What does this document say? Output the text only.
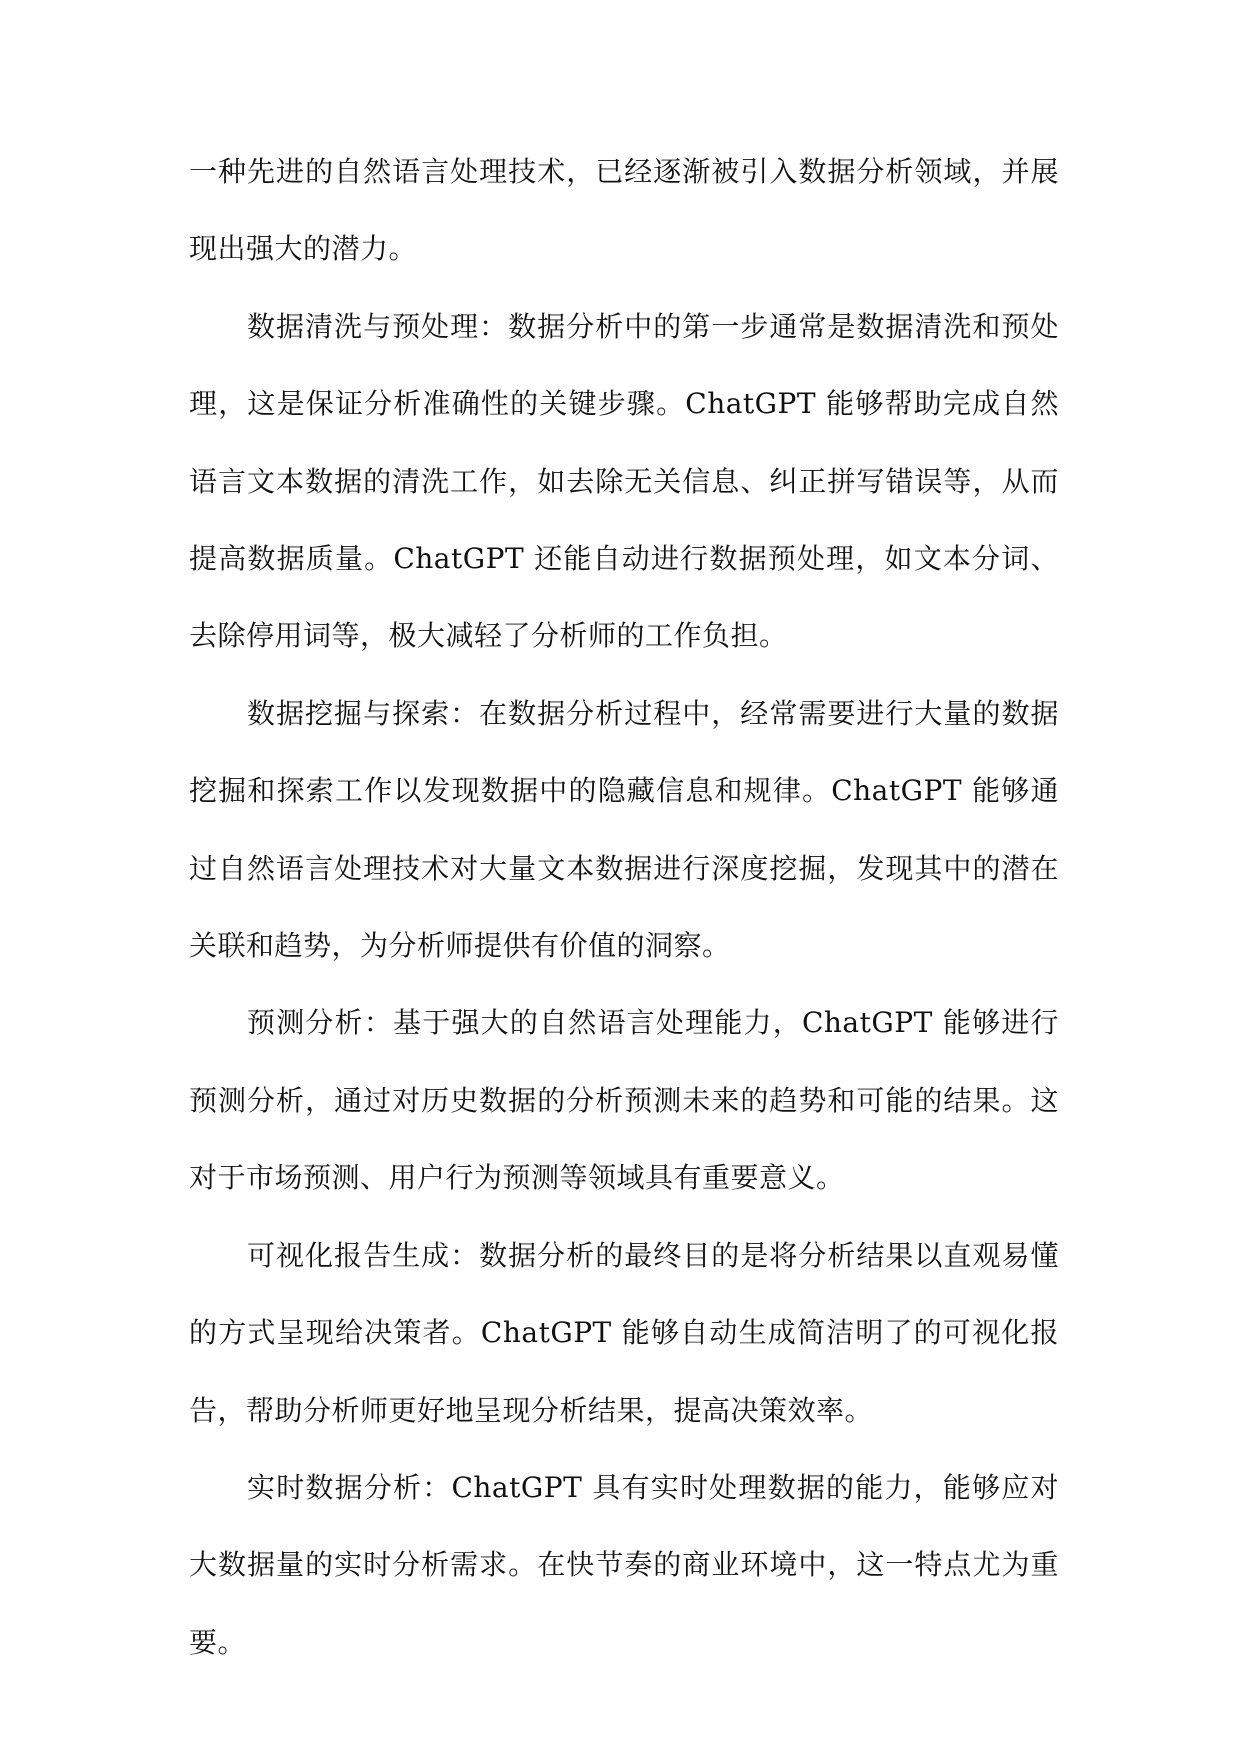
一种先进的自然语言处理技术，已经逐渐被引入数据分析领域，并展现出强大的潜力。

数据清洗与预处理：数据分析中的第一步通常是数据清洗和预处理，这是保证分析准确性的关键步骤。ChatGPT 能够帮助完成自然语言文本数据的清洗工作，如去除无关信息、纠正拼写错误等，从而提高数据质量。ChatGPT 还能自动进行数据预处理，如文本分词、去除停用词等，极大减轻了分析师的工作负担。

数据挖掘与探索：在数据分析过程中，经常需要进行大量的数据挖掘和探索工作以发现数据中的隐藏信息和规律。ChatGPT 能够通过自然语言处理技术对大量文本数据进行深度挖掘，发现其中的潜在关联和趋势，为分析师提供有价值的洞察。

预测分析：基于强大的自然语言处理能力，ChatGPT 能够进行预测分析，通过对历史数据的分析预测未来的趋势和可能的结果。这对于市场预测、用户行为预测等领域具有重要意义。

可视化报告生成：数据分析的最终目的是将分析结果以直观易懂的方式呈现给决策者。ChatGPT 能够自动生成简洁明了的可视化报告，帮助分析师更好地呈现分析结果，提高决策效率。

实时数据分析：ChatGPT 具有实时处理数据的能力，能够应对大数据量的实时分析需求。在快节奏的商业环境中，这一特点尤为重要。
